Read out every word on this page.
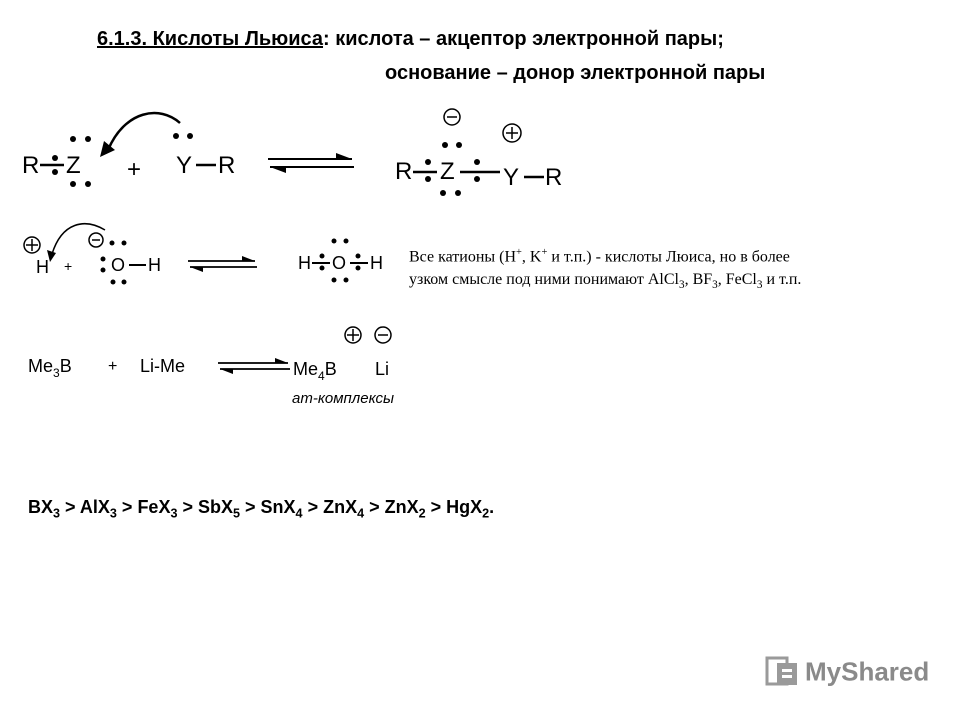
6.1.3. Кислоты Льюиса: кислота – акцептор электронной пары;
основание – донор электронной пары
R Z + Y R	R Z Y R
H + O H	H O H Все катионы (H+, K+ и т.п.) - кислоты Люиса, но в более
узком смысле под ними понимают AlCl$_3$, $BF_3$, FeCl$_3$ и т.п.
$Me_3B + Li-Me$	$Me_4B$ Li
ат-комплексы
$BX_3 > AlX_3 > FeX_3 > SbX_5 > SnX_4 > ZnX_4 > ZnX_2 > HgX_2$.
MyShared
